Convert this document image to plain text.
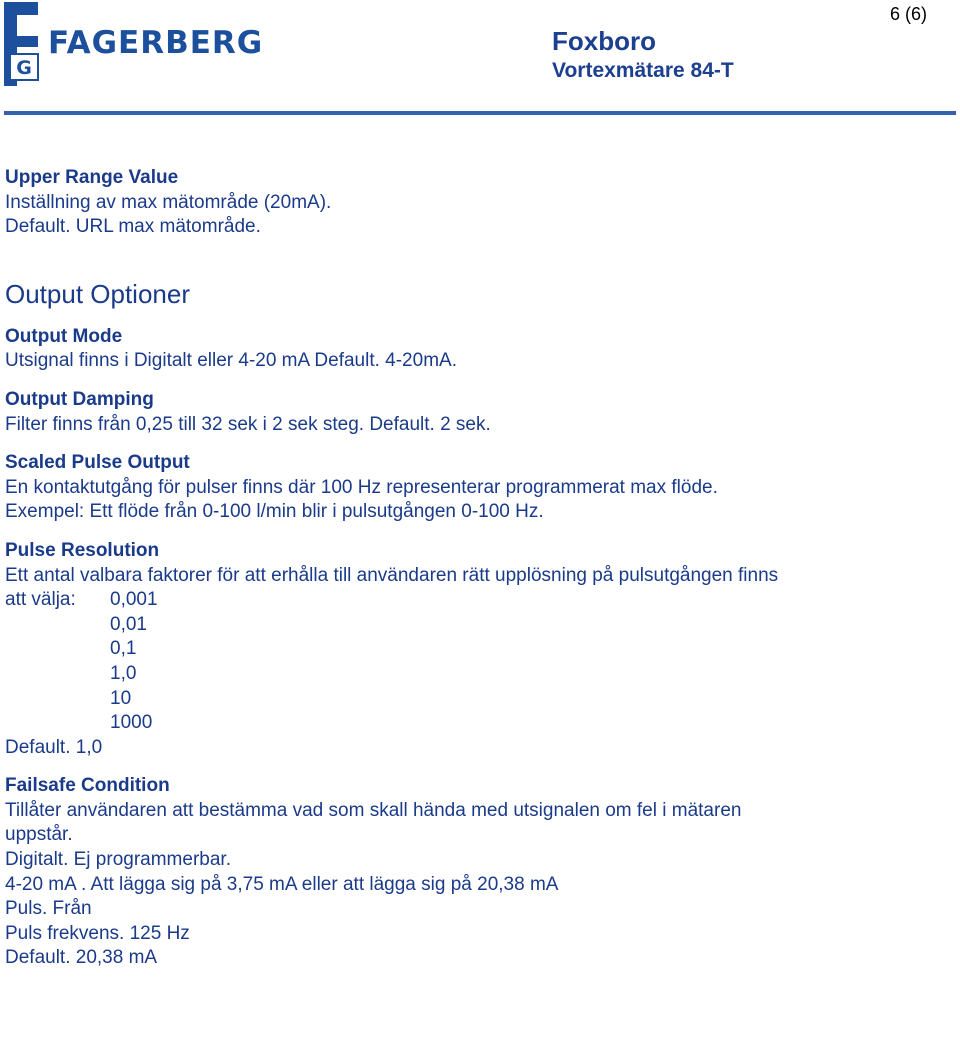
6 (6)
G
FAGERBERG	Foxboro
Vortexmätare 84-T

Upper Range Value

Inställning av max mätområde (20mA).

Default. URL max mätområde.

Output Optioner

Output Mode

Utsignal finns i Digitalt eller 4-20 mA Default. 4-20mA.

Output Damping

Filter finns från 0,25 till 32 sek i 2 sek steg. Default. 2 sek.

Scaled Pulse Output

En kontaktutgång för pulser finns där 100 Hz representerar programmerat max flöde.

Exempel: Ett flöde från 0-100 l/min blir i pulsutgången 0-100 Hz.

Pulse Resolution

Ett antal valbara faktorer för att erhålla till användaren rätt upplösning på pulsutgången finns

att välja:	0,001

0,01

0,1

1,0

10

1000

Default. 1,0

Failsafe Condition

Tillåter användaren att bestämma vad som skall hända med utsignalen om fel i mätaren

uppstår.

Digitalt. Ej programmerbar.

4-20 mA . Att lägga sig på 3,75 mA eller att lägga sig på 20,38 mA

Puls. Från

Puls frekvens. 125 Hz

Default. 20,38 mA
